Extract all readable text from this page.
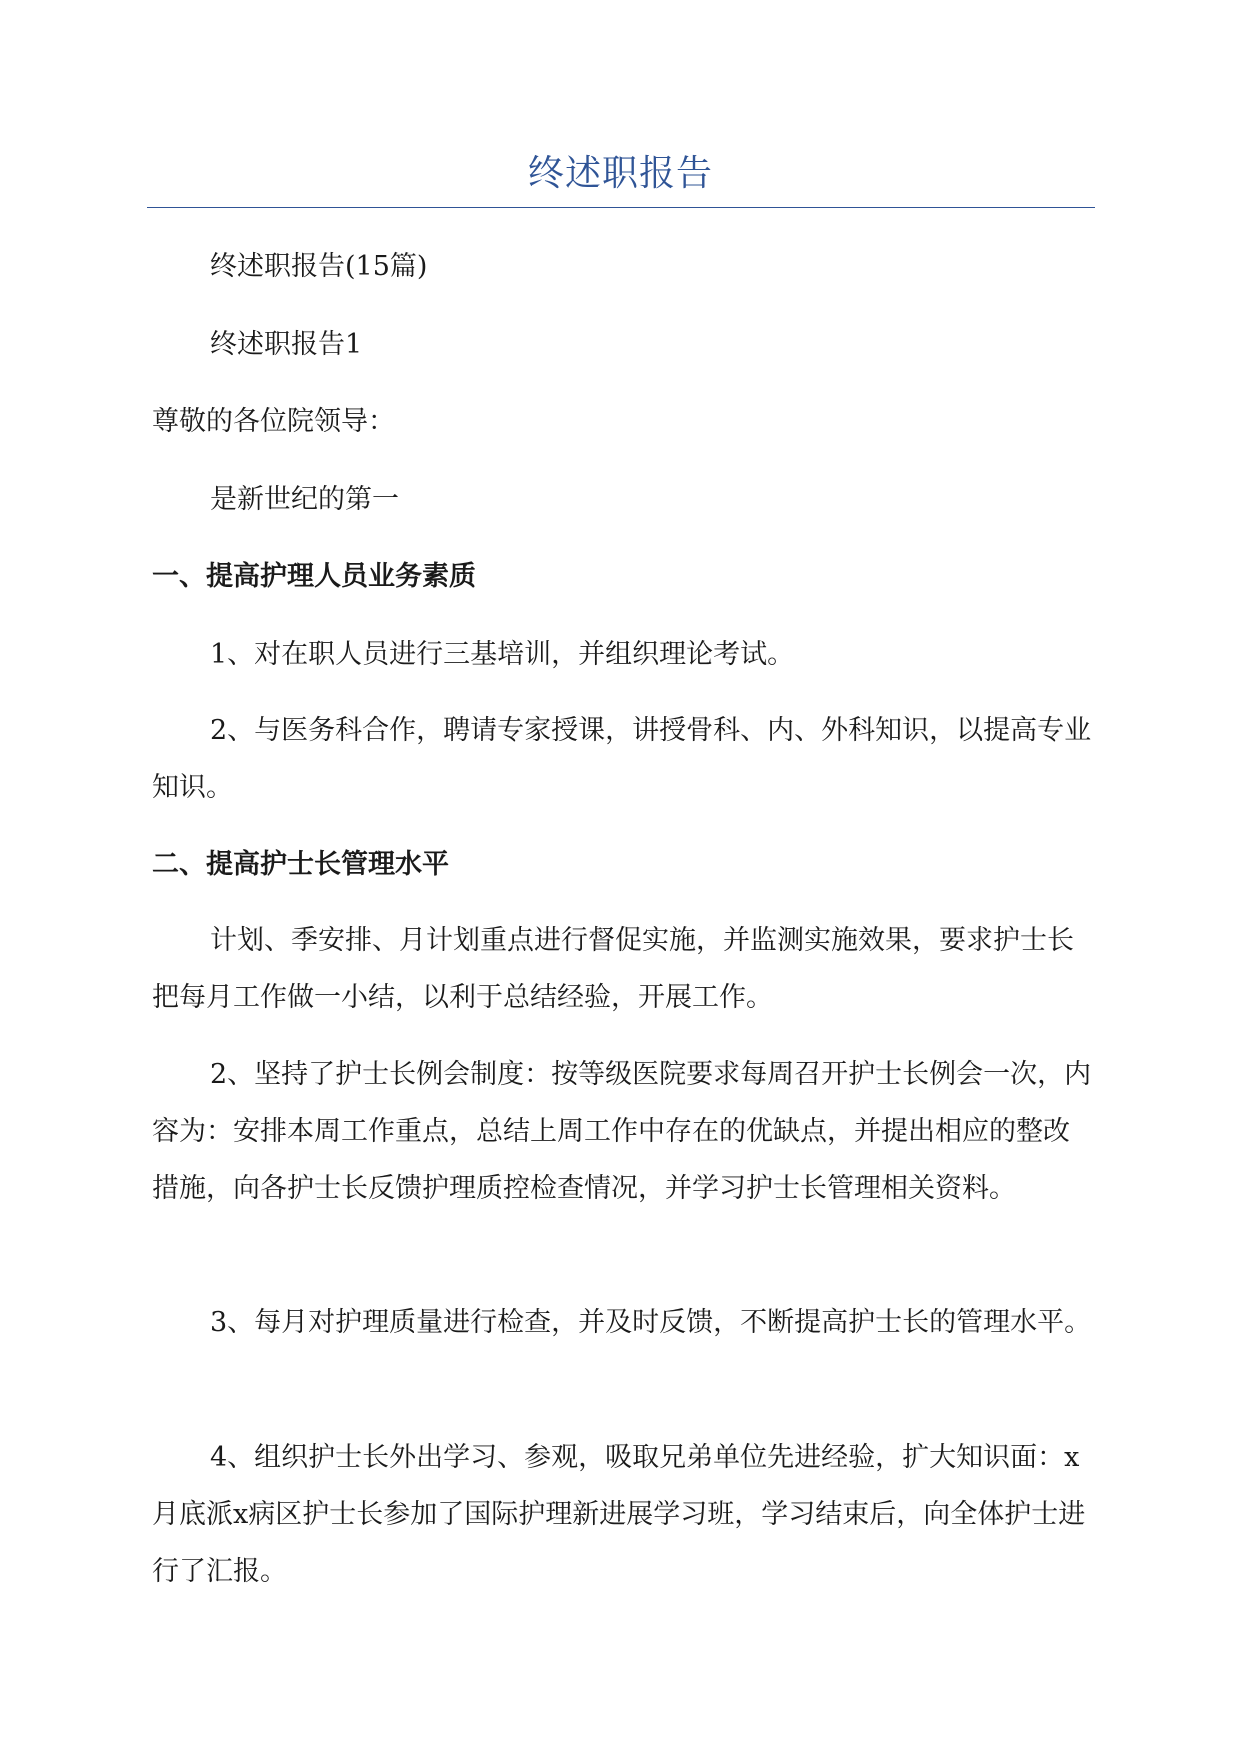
终述职报告
终述职报告(15篇)
终述职报告1
尊敬的各位院领导：
是新世纪的第一
一、提高护理人员业务素质
1、对在职人员进行三基培训，并组织理论考试。
2、与医务科合作，聘请专家授课，讲授骨科、内、外科知识，以提高专业知识。
二、提高护士长管理水平
计划、季安排、月计划重点进行督促实施，并监测实施效果，要求护士长把每月工作做一小结，以利于总结经验，开展工作。
2、坚持了护士长例会制度：按等级医院要求每周召开护士长例会一次，内容为：安排本周工作重点，总结上周工作中存在的优缺点，并提出相应的整改措施，向各护士长反馈护理质控检查情况，并学习护士长管理相关资料。
3、每月对护理质量进行检查，并及时反馈，不断提高护士长的管理水平。
4、组织护士长外出学习、参观，吸取兄弟单位先进经验，扩大知识面：x月底派x病区护士长参加了国际护理新进展学习班，学习结束后，向全体护士进行了汇报。
